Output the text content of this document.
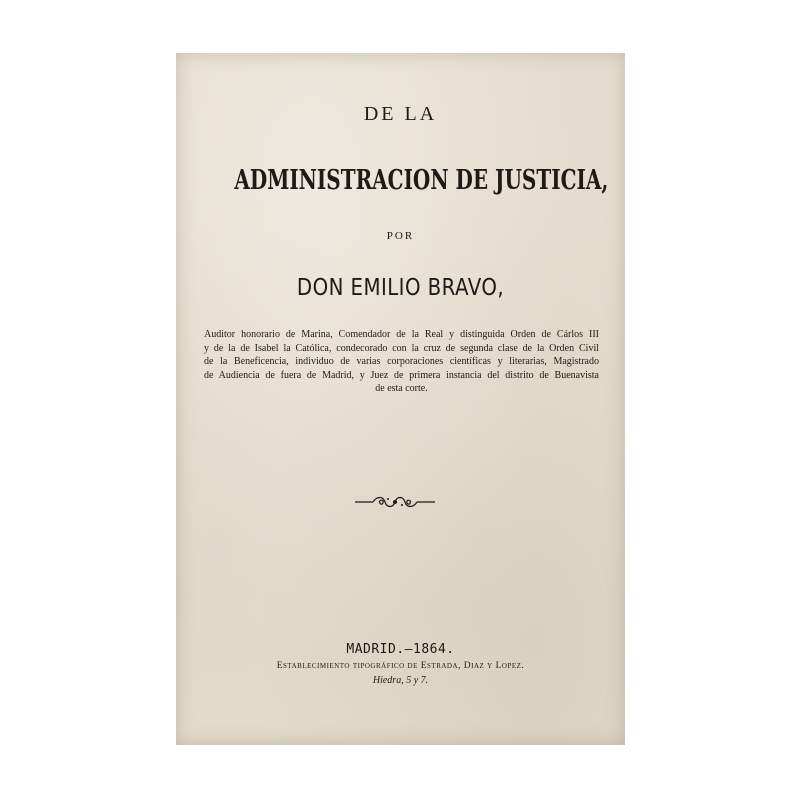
DE LA
ADMINISTRACION DE JUSTICIA,
POR
DON EMILIO BRAVO,
Auditor honorario de Marina, Comendador de la Real y distinguida Orden de Cárlos III
y de la de Isabel la Católica, condecorado con la cruz de segunda clase de la Orden Civil
de la Beneficencia, individuo de varias corporaciones científicas y literarias, Magistrado
de Audiencia de fuera de Madrid, y Juez de primera instancia del distrito de Buenavista
de esta corte.
MADRID.—1864.
Establecimiento tipográfico de Estrada, Diaz y Lopez.
Hiedra, 5 y 7.
